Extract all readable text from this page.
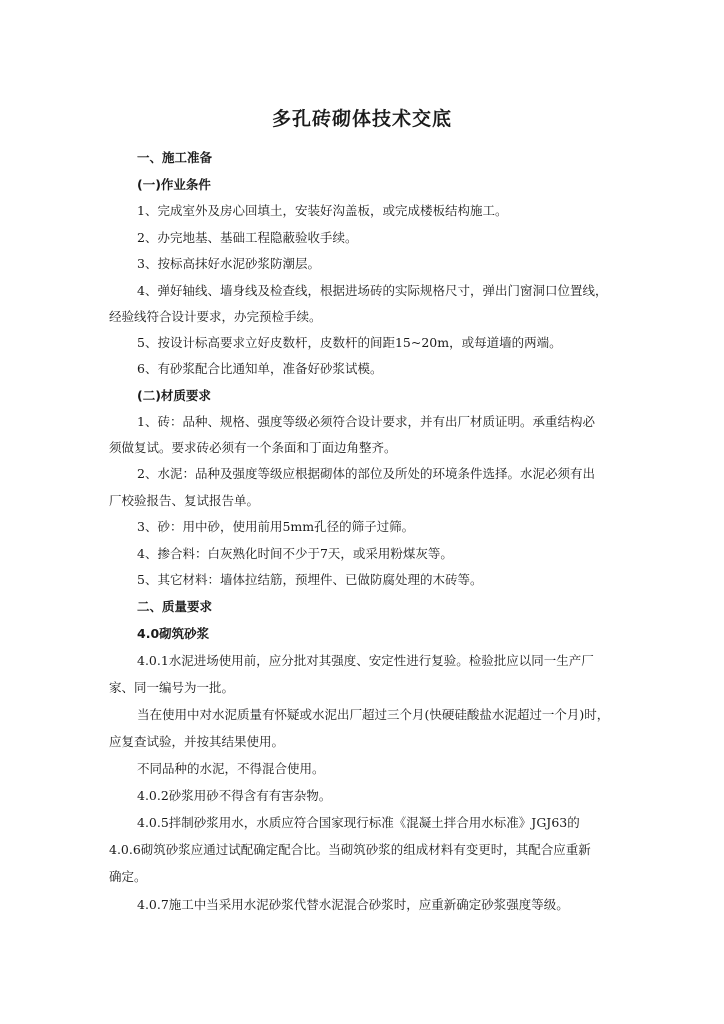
多孔砖砌体技术交底
一、施工准备
(一)作业条件
1、完成室外及房心回填土，安装好沟盖板，或完成楼板结构施工。
2、办完地基、基础工程隐蔽验收手续。
3、按标高抹好水泥砂浆防潮层。
4、弹好轴线、墙身线及检查线，根据进场砖的实际规格尺寸，弹出门窗洞口位置线，
经验线符合设计要求，办完预检手续。
5、按设计标高要求立好皮数杆，皮数杆的间距15~20m，或每道墙的两端。
6、有砂浆配合比通知单，准备好砂浆试模。
(二)材质要求
1、砖：品种、规格、强度等级必须符合设计要求，并有出厂材质证明。承重结构必
须做复试。要求砖必须有一个条面和丁面边角整齐。
2、水泥：品种及强度等级应根据砌体的部位及所处的环境条件选择。水泥必须有出
厂校验报告、复试报告单。
3、砂：用中砂，使用前用5mm孔径的筛子过筛。
4、掺合料：白灰熟化时间不少于7天，或采用粉煤灰等。
5、其它材料：墙体拉结筋，预埋件、已做防腐处理的木砖等。
二、质量要求
4.0砌筑砂浆
4.0.1水泥进场使用前，应分批对其强度、安定性进行复验。检验批应以同一生产厂
家、同一编号为一批。
当在使用中对水泥质量有怀疑或水泥出厂超过三个月(快硬硅酸盐水泥超过一个月)时，
应复查试验，并按其结果使用。
不同品种的水泥，不得混合使用。
4.0.2砂浆用砂不得含有有害杂物。
4.0.5拌制砂浆用水，水质应符合国家现行标准《混凝土拌合用水标准》JGJ63的
4.0.6砌筑砂浆应通过试配确定配合比。当砌筑砂浆的组成材料有变更时，其配合应重新
确定。
4.0.7施工中当采用水泥砂浆代替水泥混合砂浆时，应重新确定砂浆强度等级。
